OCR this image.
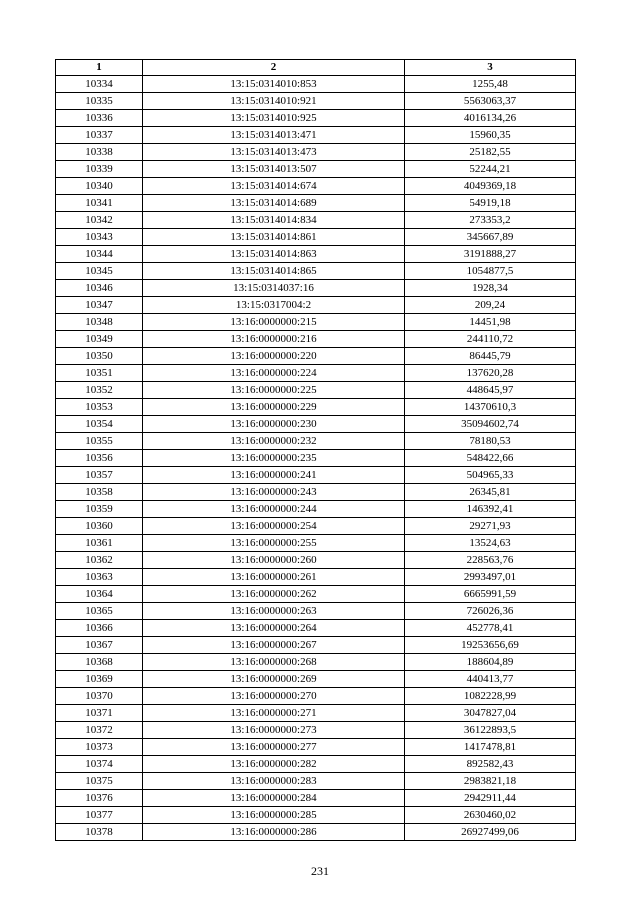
1	2	3
10334	13:15:0314010:853	1255,48
10335	13:15:0314010:921	5563063,37
10336	13:15:0314010:925	4016134,26
10337	13:15:0314013:471	15960,35
10338	13:15:0314013:473	25182,55
10339	13:15:0314013:507	52244,21
10340	13:15:0314014:674	4049369,18
10341	13:15:0314014:689	54919,18
10342	13:15:0314014:834	273353,2
10343	13:15:0314014:861	345667,89
10344	13:15:0314014:863	3191888,27
10345	13:15:0314014:865	1054877,5
10346	13:15:0314037:16	1928,34
10347	13:15:0317004:2	209,24
10348	13:16:0000000:215	14451,98
10349	13:16:0000000:216	244110,72
10350	13:16:0000000:220	86445,79
10351	13:16:0000000:224	137620,28
10352	13:16:0000000:225	448645,97
10353	13:16:0000000:229	14370610,3
10354	13:16:0000000:230	35094602,74
10355	13:16:0000000:232	78180,53
10356	13:16:0000000:235	548422,66
10357	13:16:0000000:241	504965,33
10358	13:16:0000000:243	26345,81
10359	13:16:0000000:244	146392,41
10360	13:16:0000000:254	29271,93
10361	13:16:0000000:255	13524,63
10362	13:16:0000000:260	228563,76
10363	13:16:0000000:261	2993497,01
10364	13:16:0000000:262	6665991,59
10365	13:16:0000000:263	726026,36
10366	13:16:0000000:264	452778,41
10367	13:16:0000000:267	19253656,69
10368	13:16:0000000:268	188604,89
10369	13:16:0000000:269	440413,77
10370	13:16:0000000:270	1082228,99
10371	13:16:0000000:271	3047827,04
10372	13:16:0000000:273	36122893,5
10373	13:16:0000000:277	1417478,81
10374	13:16:0000000:282	892582,43
10375	13:16:0000000:283	2983821,18
10376	13:16:0000000:284	2942911,44
10377	13:16:0000000:285	2630460,02
10378	13:16:0000000:286	26927499,06
231
